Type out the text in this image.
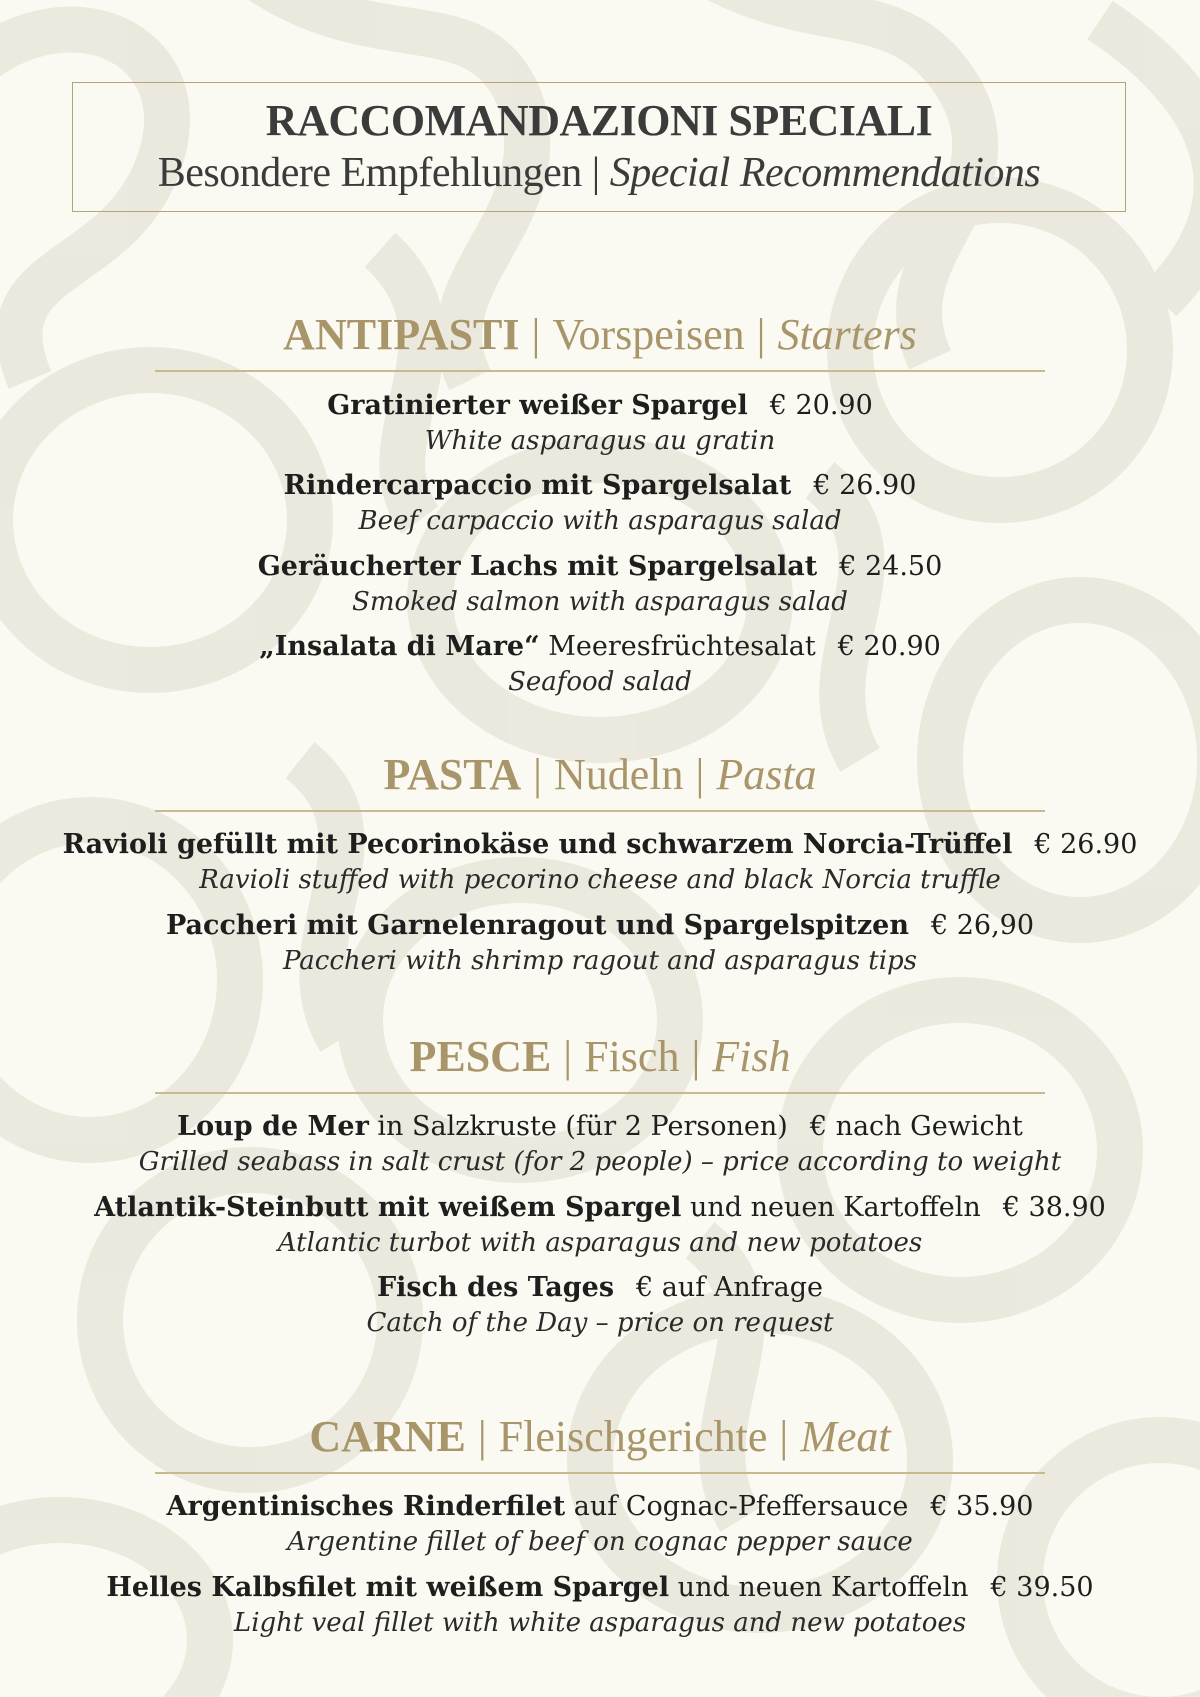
RACCOMANDAZIONI SPECIALI
Besondere Empfehlungen | Special Recommendations
ANTIPASTI | Vorspeisen | Starters
Gratinierter weißer Spargel € 20.90
White asparagus au gratin
Rindercarpaccio mit Spargelsalat € 26.90
Beef carpaccio with asparagus salad
Geräucherter Lachs mit Spargelsalat € 24.50
Smoked salmon with asparagus salad
„Insalata di Mare“ Meeresfrüchtesalat € 20.90
Seafood salad
PASTA | Nudeln | Pasta
Ravioli gefüllt mit Pecorinokäse und schwarzem Norcia-Trüffel € 26.90
Ravioli stuffed with pecorino cheese and black Norcia truffle
Paccheri mit Garnelenragout und Spargelspitzen € 26,90
Paccheri with shrimp ragout and asparagus tips
PESCE | Fisch | Fish
Loup de Mer in Salzkruste (für 2 Personen) € nach Gewicht
Grilled seabass in salt crust (for 2 people) – price according to weight
Atlantik-Steinbutt mit weißem Spargel und neuen Kartoffeln € 38.90
Atlantic turbot with asparagus and new potatoes
Fisch des Tages € auf Anfrage
Catch of the Day – price on request
CARNE | Fleischgerichte | Meat
Argentinisches Rinderfilet auf Cognac-Pfeffersauce € 35.90
Argentine fillet of beef on cognac pepper sauce
Helles Kalbsfilet mit weißem Spargel und neuen Kartoffeln € 39.50
Light veal fillet with white asparagus and new potatoes
